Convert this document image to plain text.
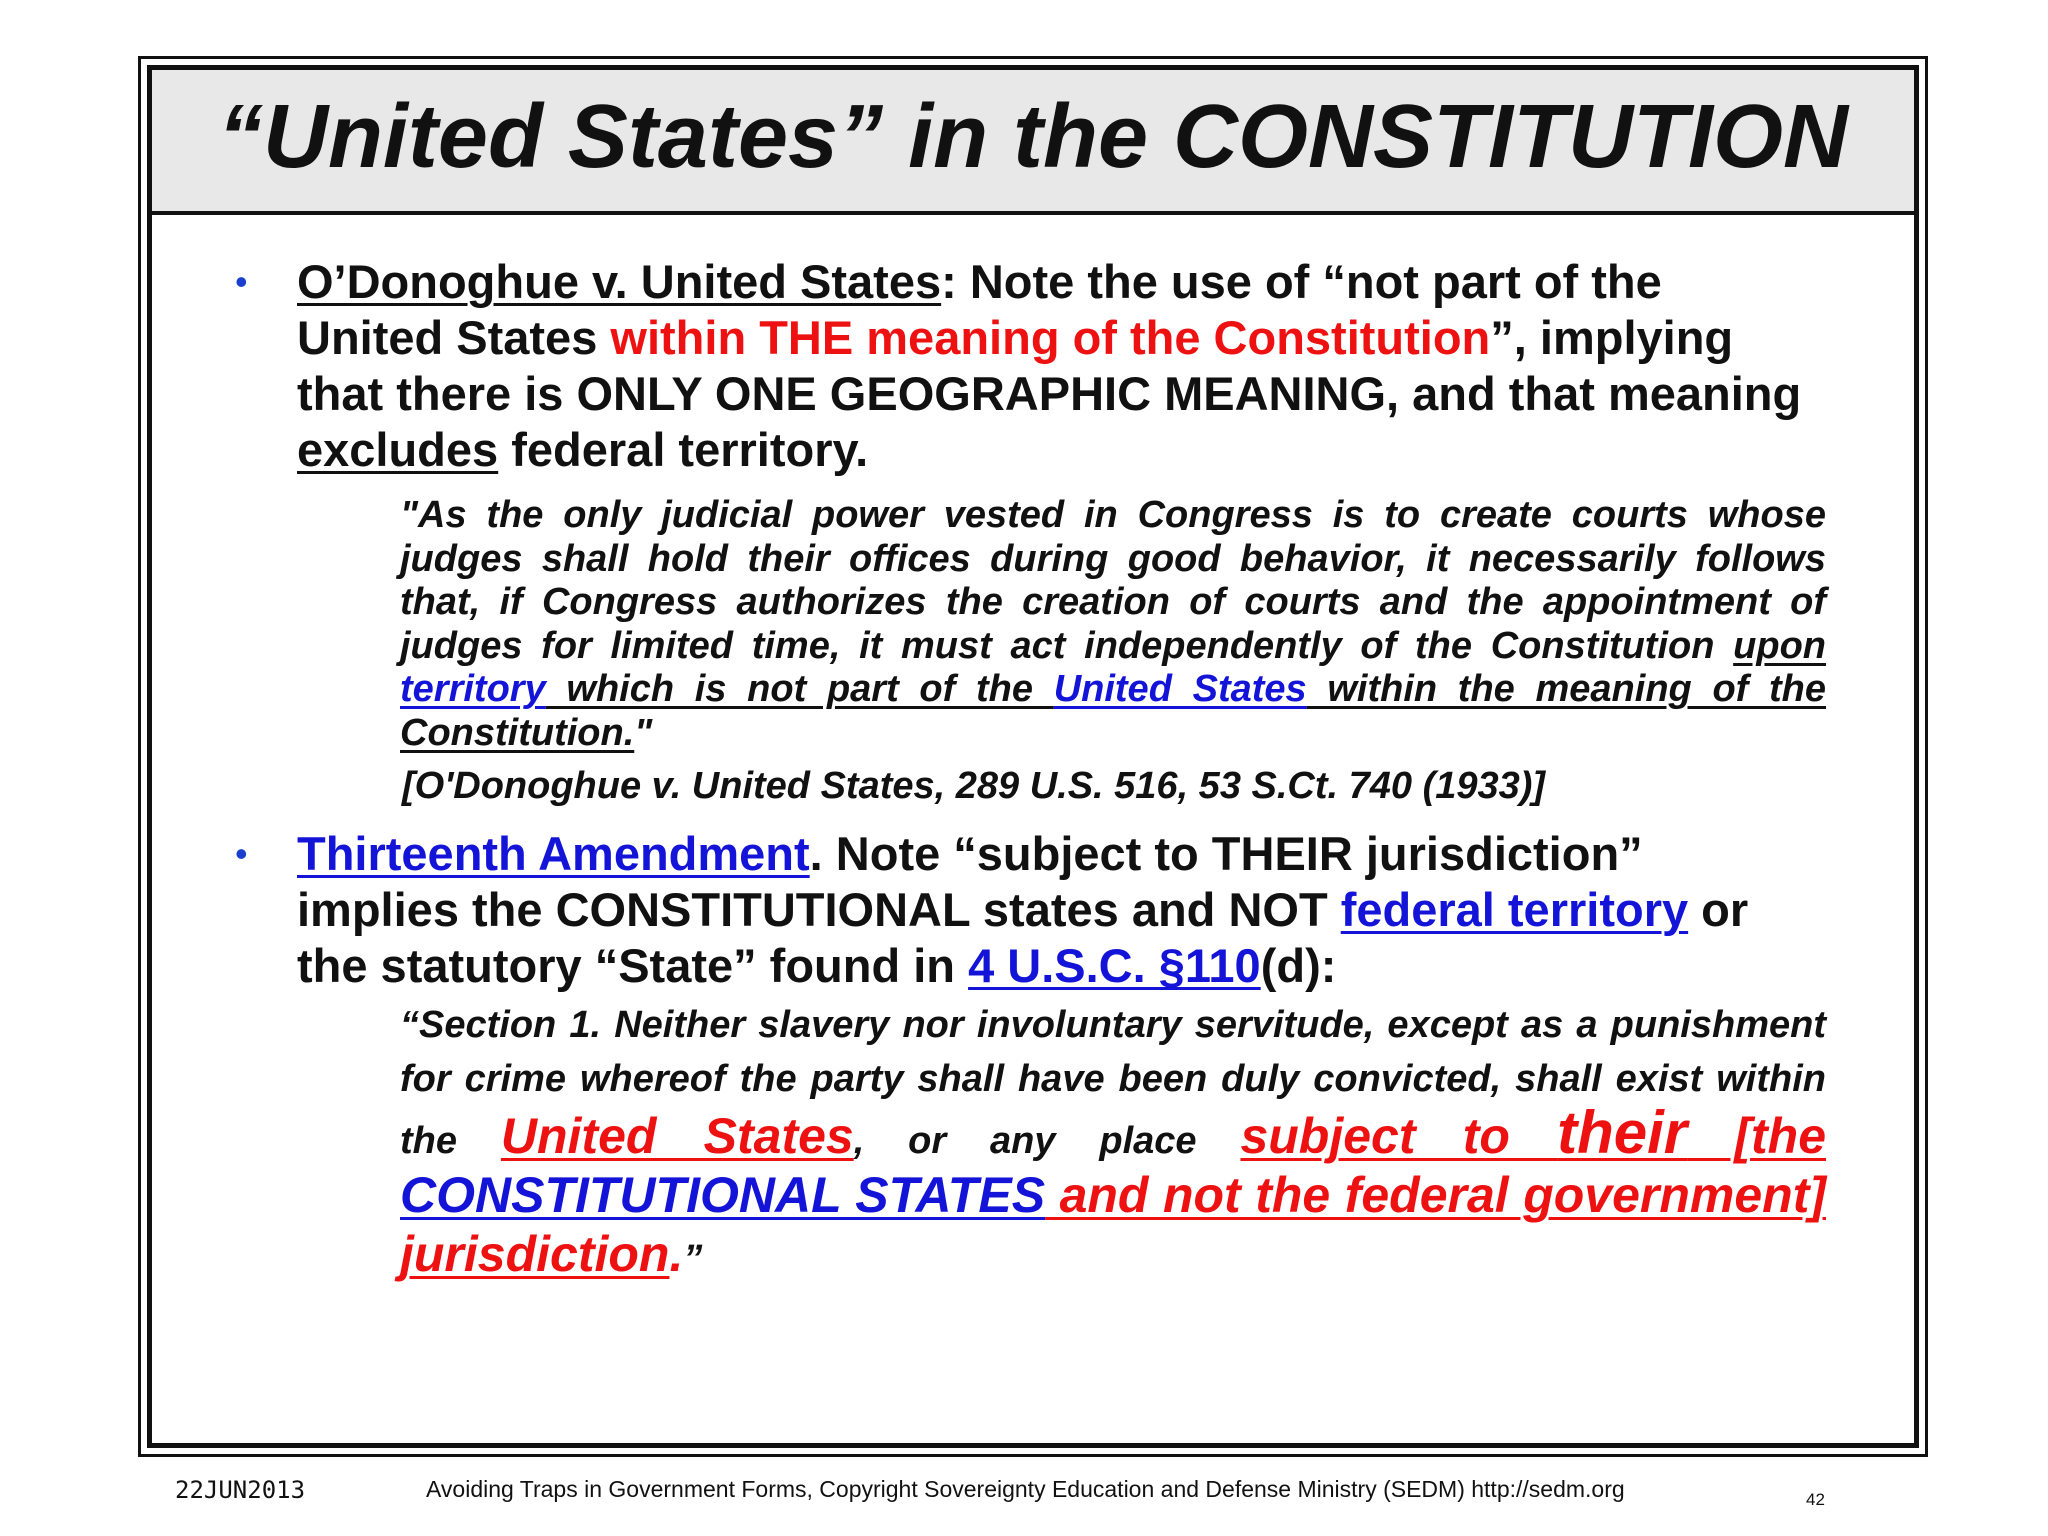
“United States” in the CONSTITUTION
• O’Donoghue v. United States: Note the use of “not part of the United States within THE meaning of the Constitution”, implying that there is ONLY ONE GEOGRAPHIC MEANING, and that meaning excludes federal territory.
"As the only judicial power vested in Congress is to create courts whose judges shall hold their offices during good behavior, it necessarily follows that, if Congress authorizes the creation of courts and the appointment of judges for limited time, it must act independently of the Constitution upon territory which is not part of the United States within the meaning of the Constitution."
[O'Donoghue v. United States, 289 U.S. 516, 53 S.Ct. 740 (1933)]
• Thirteenth Amendment. Note “subject to THEIR jurisdiction” implies the CONSTITUTIONAL states and NOT federal territory or the statutory “State” found in 4 U.S.C. §110(d):
“Section 1. Neither slavery nor involuntary servitude, except as a punishment for crime whereof the party shall have been duly convicted, shall exist within the United States, or any place subject to their [the CONSTITUTIONAL STATES and not the federal government] jurisdiction.”
22JUN2013	Avoiding Traps in Government Forms, Copyright Sovereignty Education and Defense Ministry (SEDM) http://sedm.org	42
